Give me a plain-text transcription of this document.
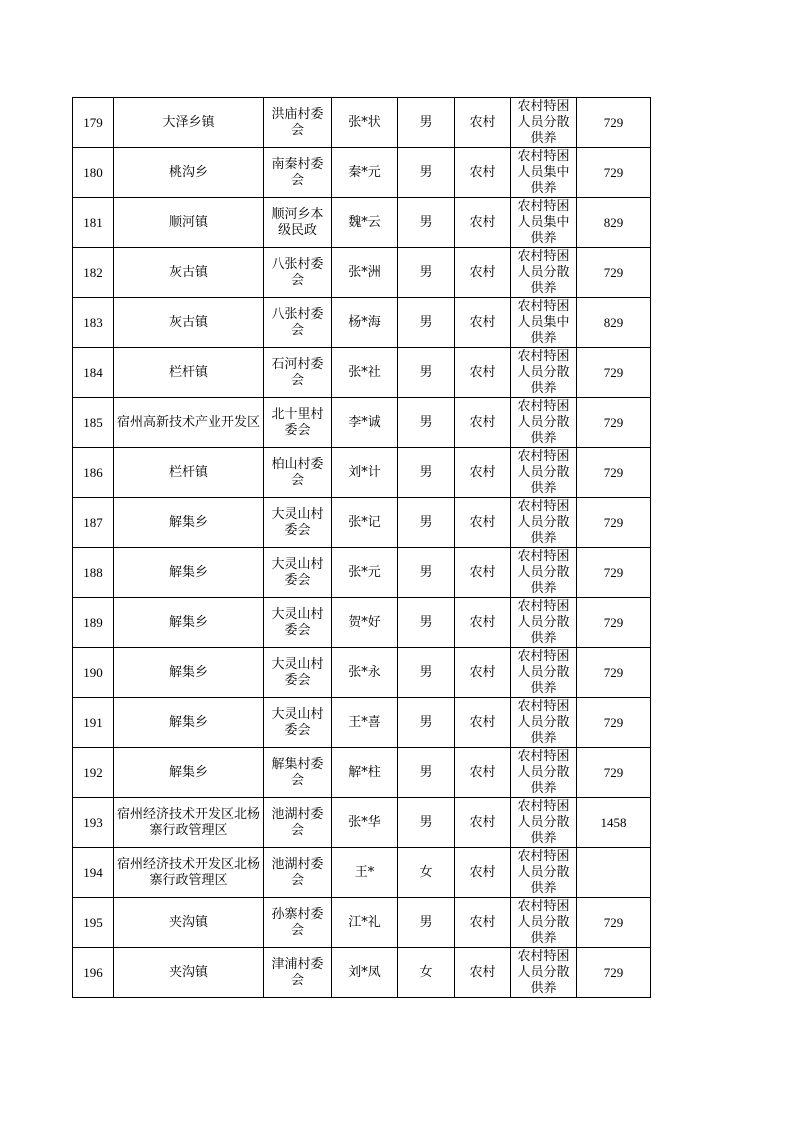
179	大泽乡镇	洪庙村委会	张*状	男	农村	农村特困人员分散供养	729
180	桃沟乡	南秦村委会	秦*元	男	农村	农村特困人员集中供养	729
181	顺河镇	顺河乡本级民政	魏*云	男	农村	农村特困人员集中供养	829
182	灰古镇	八张村委会	张*洲	男	农村	农村特困人员分散供养	729
183	灰古镇	八张村委会	杨*海	男	农村	农村特困人员集中供养	829
184	栏杆镇	石河村委会	张*社	男	农村	农村特困人员分散供养	729
185	宿州高新技术产业开发区	北十里村委会	李*诚	男	农村	农村特困人员分散供养	729
186	栏杆镇	柏山村委会	刘*计	男	农村	农村特困人员分散供养	729
187	解集乡	大灵山村委会	张*记	男	农村	农村特困人员分散供养	729
188	解集乡	大灵山村委会	张*元	男	农村	农村特困人员分散供养	729
189	解集乡	大灵山村委会	贺*好	男	农村	农村特困人员分散供养	729
190	解集乡	大灵山村委会	张*永	男	农村	农村特困人员分散供养	729
191	解集乡	大灵山村委会	王*喜	男	农村	农村特困人员分散供养	729
192	解集乡	解集村委会	解*柱	男	农村	农村特困人员分散供养	729
193	宿州经济技术开发区北杨寨行政管理区	池湖村委会	张*华	男	农村	农村特困人员分散供养	1458
194	宿州经济技术开发区北杨寨行政管理区	池湖村委会	王*	女	农村	农村特困人员分散供养	

195	夹沟镇	孙寨村委会	江*礼	男	农村	农村特困人员分散供养	729
196	夹沟镇	津浦村委会	刘*凤	女	农村	农村特困人员分散供养	729
